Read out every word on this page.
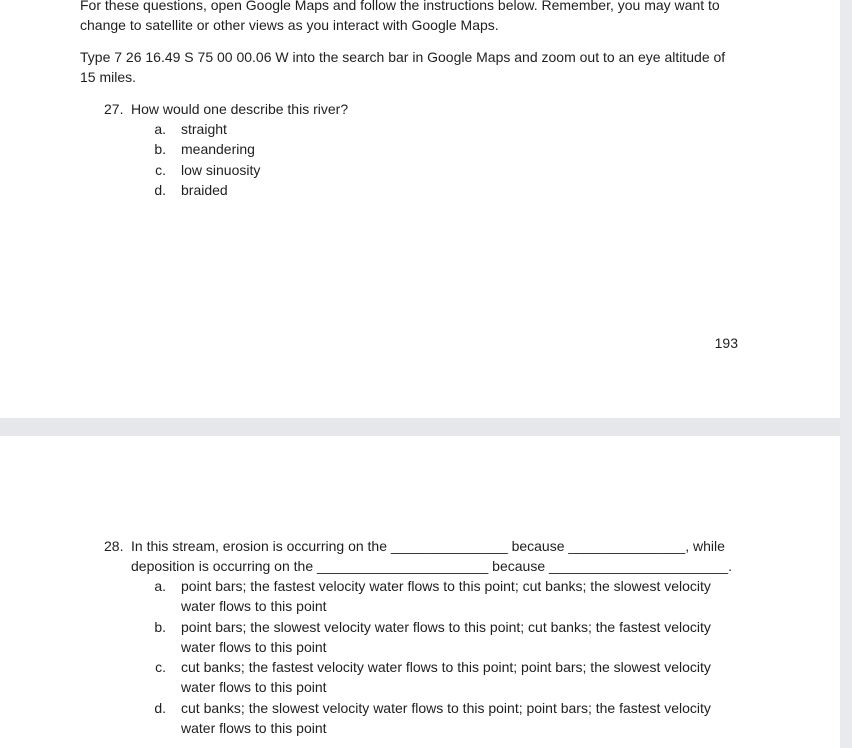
For these questions, open Google Maps and follow the instructions below. Remember, you may want to
change to satellite or other views as you interact with Google Maps.
Type 7 26 16.49 S 75 00 00.06 W into the search bar in Google Maps and zoom out to an eye altitude of
15 miles.
27. How would one describe this river?
a. straight
b. meandering
c. low sinuosity
d. braided
193
28. In this stream, erosion is occurring on the _______________ because _______________, while
deposition is occurring on the ______________________ because _______________________.
a. point bars; the fastest velocity water flows to this point; cut banks; the slowest velocity
water flows to this point
b. point bars; the slowest velocity water flows to this point; cut banks; the fastest velocity
water flows to this point
c. cut banks; the fastest velocity water flows to this point; point bars; the slowest velocity
water flows to this point
d. cut banks; the slowest velocity water flows to this point; point bars; the fastest velocity
water flows to this point
